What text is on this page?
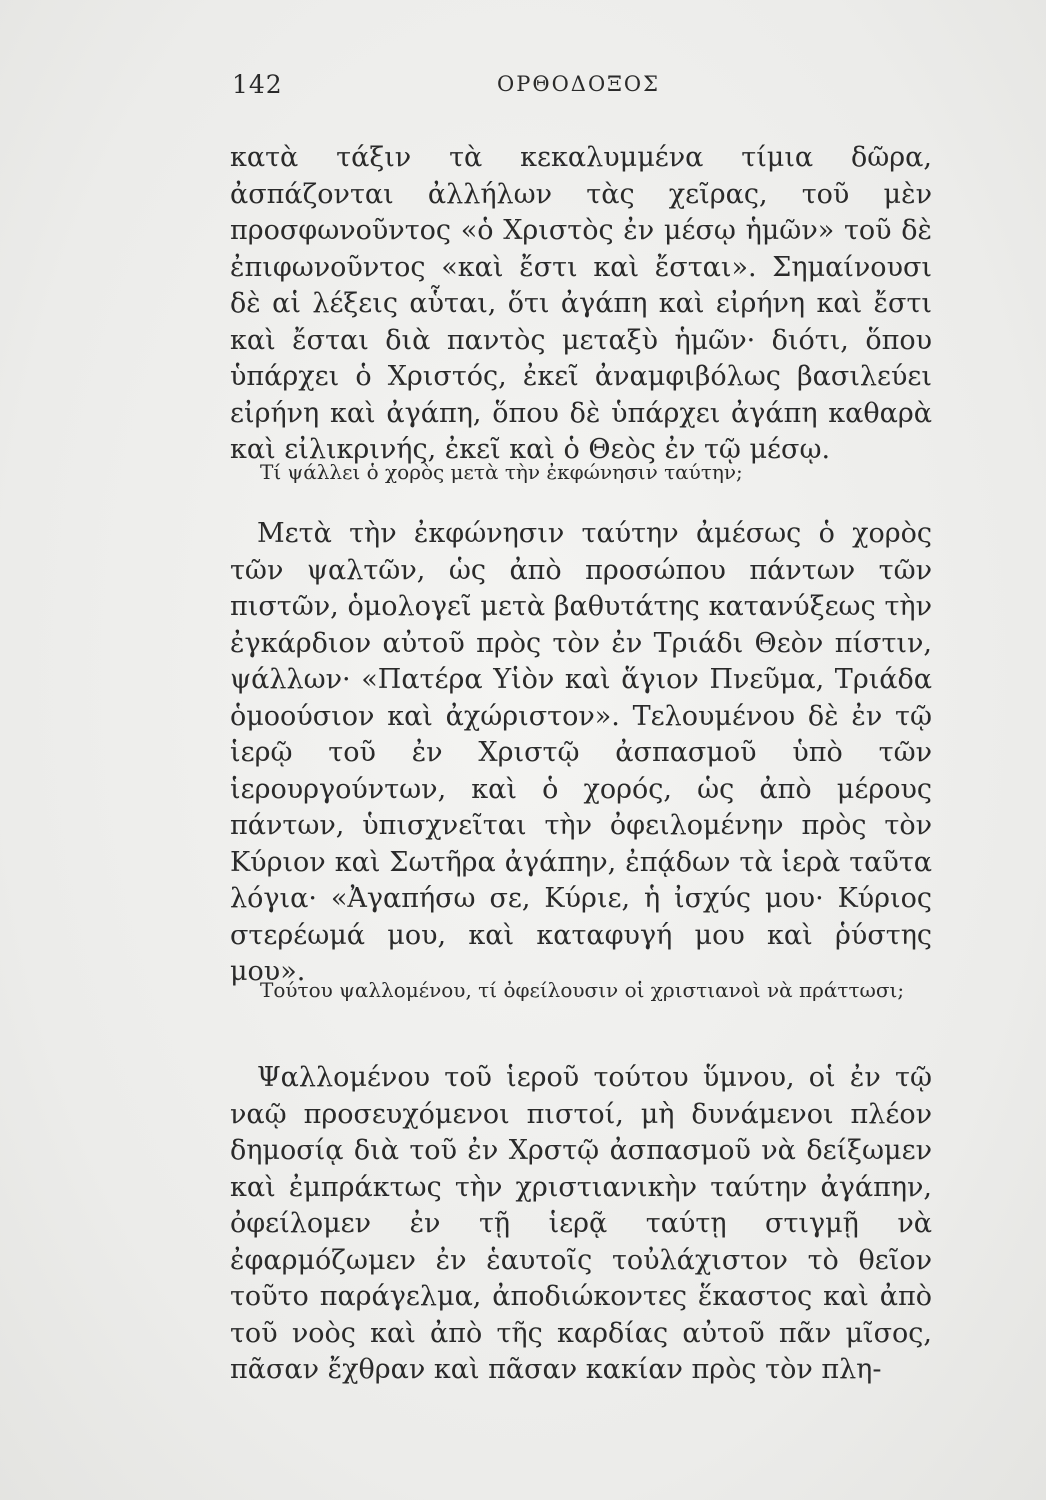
142	ΟΡΘΟΔΟΞΟΣ

κατὰ τάξιν τὰ κεκαλυμμένα τίμια δῶρα, ἀσπάζονται ἀλλήλων τὰς χεῖρας, τοῦ μὲν προσφωνοῦντος «ὁ Χριστὸς ἐν μέσῳ ἡμῶν» τοῦ δὲ ἐπιφωνοῦντος «καὶ ἔστι καὶ ἔσται». Σημαίνουσι δὲ αἱ λέξεις αὗται, ὅτι ἀγάπη καὶ εἰρήνη καὶ ἔστι καὶ ἔσται διὰ παντὸς μεταξὺ ἡμῶν· διότι, ὅπου ὑπάρχει ὁ Χριστός, ἐκεῖ ἀναμφιβόλως βασιλεύει εἰρήνη καὶ ἀγάπη, ὅπου δὲ ὑπάρχει ἀγάπη καθαρὰ καὶ εἰλικρινής, ἐκεῖ καὶ ὁ Θεὸς ἐν τῷ μέσῳ.

Τί ψάλλει ὁ χορὸς μετὰ τὴν ἐκφώνησιν ταύτην;

Μετὰ τὴν ἐκφώνησιν ταύτην ἀμέσως ὁ χορὸς τῶν ψαλτῶν, ὡς ἀπὸ προσώπου πάντων τῶν πιστῶν, ὁμολογεῖ μετὰ βαθυτάτης κατανύξεως τὴν ἐγκάρδιον αὐτοῦ πρὸς τὸν ἐν Τριάδι Θεὸν πίστιν, ψάλλων· «Πατέρα Υἱὸν καὶ ἅγιον Πνεῦμα, Τριάδα ὁμοούσιον καὶ ἀχώριστον». Τελουμένου δὲ ἐν τῷ ἱερῷ τοῦ ἐν Χριστῷ ἀσπασμοῦ ὑπὸ τῶν ἱερουργούντων, καὶ ὁ χορός, ὡς ἀπὸ μέρους πάντων, ὑπισχνεῖται τὴν ὀφειλομένην πρὸς τὸν Κύριον καὶ Σωτῆρα ἀγάπην, ἐπᾴδων τὰ ἱερὰ ταῦτα λόγια· «Ἀγαπήσω σε, Κύριε, ἡ ἰσχύς μου· Κύριος στερέωμά μου, καὶ καταφυγή μου καὶ ῥύστης μου».

Τούτου ψαλλομένου, τί ὀφείλουσιν οἱ χριστιανοὶ νὰ πράττωσι;

Ψαλλομένου τοῦ ἱεροῦ τούτου ὕμνου, οἱ ἐν τῷ ναῷ προσευχόμενοι πιστοί, μὴ δυνάμενοι πλέον δημοσίᾳ διὰ τοῦ ἐν Χρστῷ ἀσπασμοῦ νὰ δείξωμεν καὶ ἐμπράκτως τὴν χριστιανικὴν ταύτην ἀγάπην, ὀφείλομεν ἐν τῇ ἱερᾷ ταύτῃ στιγμῇ νὰ ἐφαρμόζωμεν ἐν ἑαυτοῖς τοὐλάχιστον τὸ θεῖον τοῦτο παράγελμα, ἀποδιώκοντες ἕκαστος καὶ ἀπὸ τοῦ νοὸς καὶ ἀπὸ τῆς καρδίας αὐτοῦ πᾶν μῖσος, πᾶσαν ἔχθραν καὶ πᾶσαν κακίαν πρὸς τὸν πλη-
